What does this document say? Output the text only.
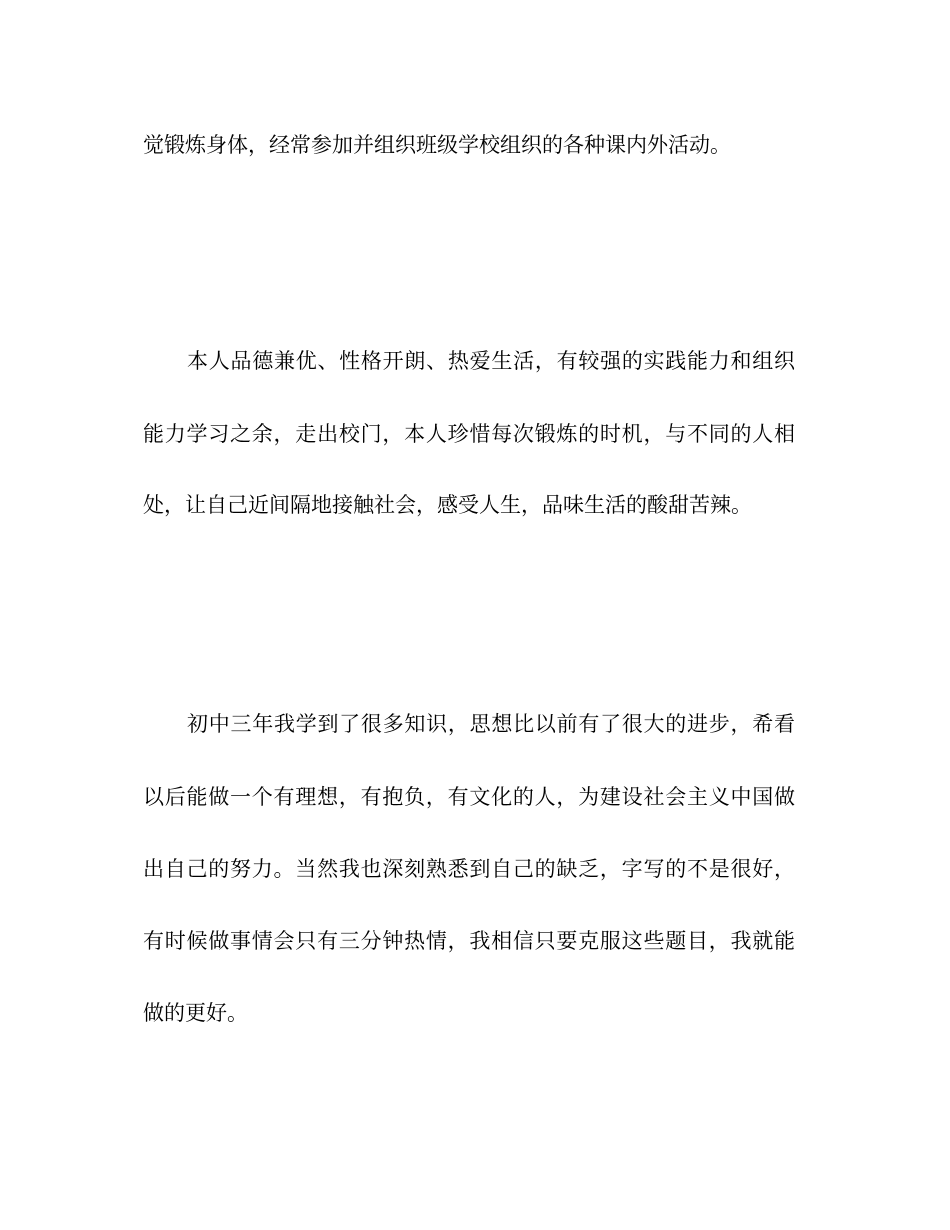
觉锻炼身体，经常参加并组织班级学校组织的各种课内外活动。
本人品德兼优、性格开朗、热爱生活，有较强的实践能力和组织
能力学习之余，走出校门，本人珍惜每次锻炼的时机，与不同的人相
处，让自己近间隔地接触社会，感受人生，品味生活的酸甜苦辣。
初中三年我学到了很多知识，思想比以前有了很大的进步，希看
以后能做一个有理想，有抱负，有文化的人，为建设社会主义中国做
出自己的努力。当然我也深刻熟悉到自己的缺乏，字写的不是很好，
有时候做事情会只有三分钟热情，我相信只要克服这些题目，我就能
做的更好。
